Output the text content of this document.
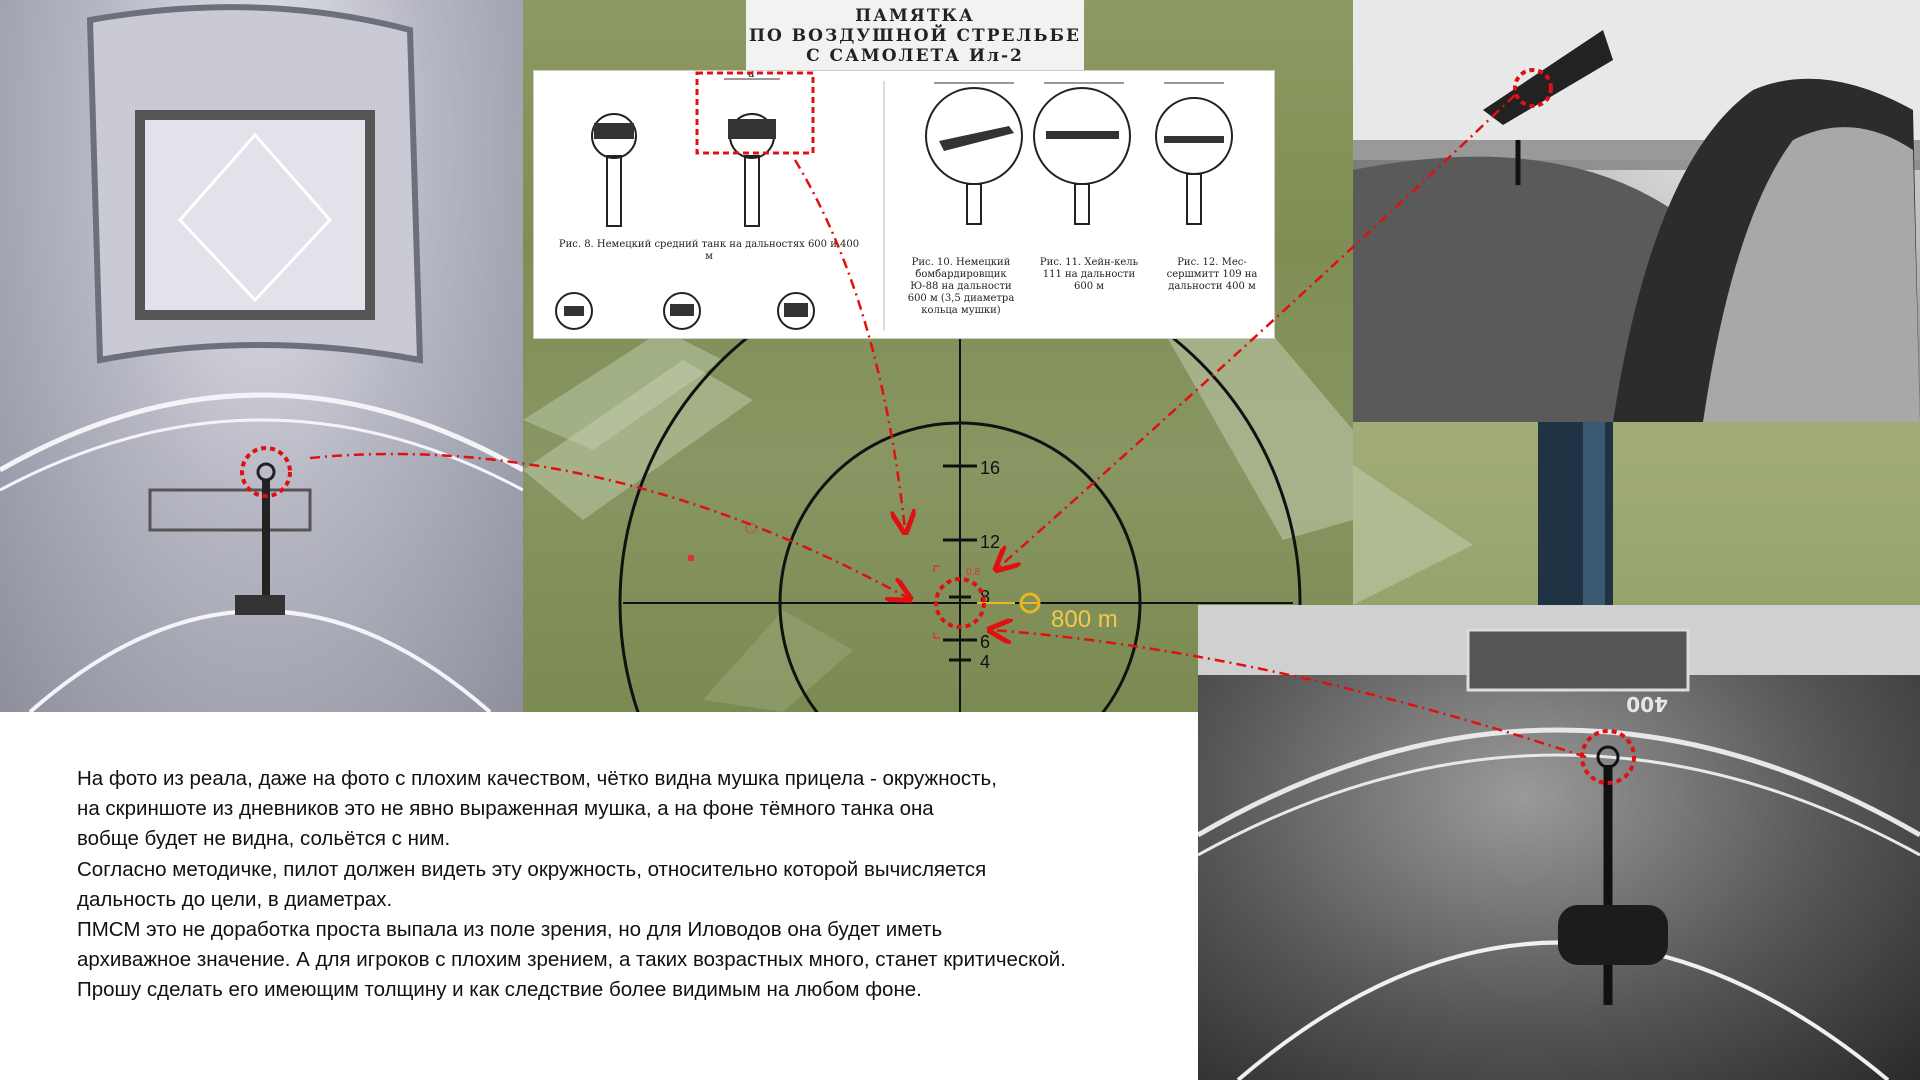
16
12
8
6
4
0.8
800 m
400
ПАМЯТКА
ПО ВОЗДУШНОЙ СТРЕЛЬБЕ
С САМОЛЕТА Ил-2
d
Рис. 8. Немецкий средний танк на дальностях 600 и 400 м
Рис. 10. Немецкий бомбардировщик Ю-88 на дальности 600 м (3,5 диаметра кольца мушки)
Рис. 11. Хейн-кель 111 на дальности 600 м
Рис. 12. Мес-сершмитт 109 на дальности 400 м

На фото из реала, даже на фото с плохим качеством, чётко видна мушка прицела - окружность,

на скриншоте из дневников это не явно выраженная мушка, а на фоне тёмного танка она

вобще будет не видна, сольётся с ним.

Согласно методичке, пилот должен видеть эту окружность, относительно которой вычисляется

дальность до цели, в диаметрах.

ПМСМ это не доработка проста выпала из поле зрения, но для Иловодов она будет иметь

архиважное значение. А для игроков с плохим зрением, а таких возрастных много, станет критической.

Прошу сделать его имеющим толщину и как следствие более видимым на любом фоне.
